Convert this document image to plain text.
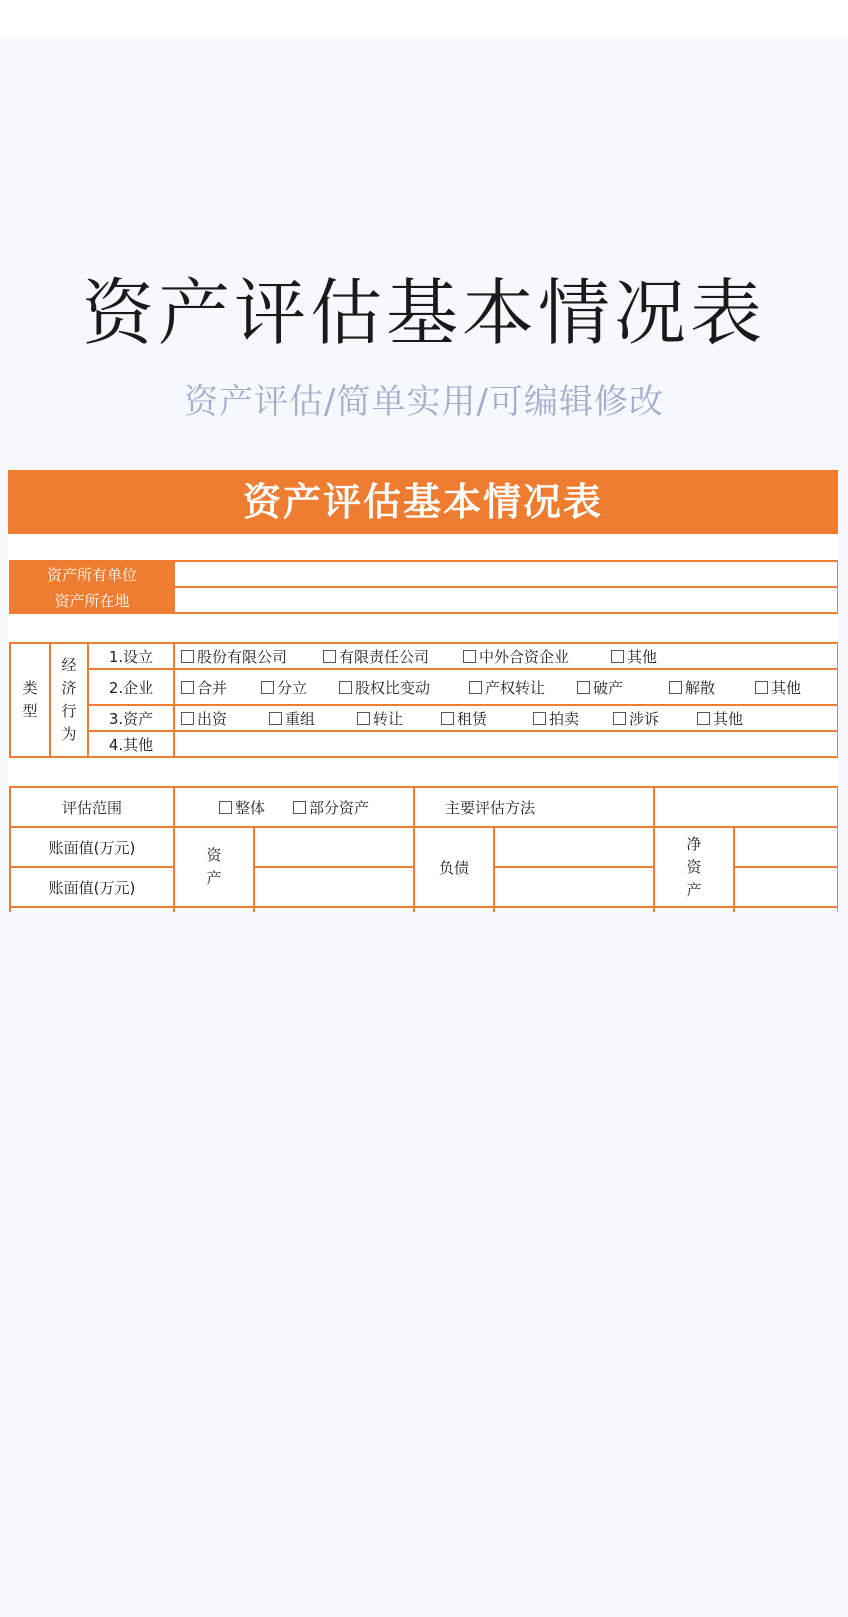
资产评估基本情况表
资产评估/简单实用/可编辑修改
资产评估基本情况表
资产所有单位	
资产所在地	
类型	经济行为	1.设立	股份有限公司 有限责任公司 中外合资企业 其他
		2.企业	合并 分立 股权比变动 产权转让 破产 解散 其他
		3.资产	出资 重组 转让 租赁 拍卖 涉诉 其他
		4.其他	
评估范围	整体 部分资产		主要评估方法			
账面值(万元)	资产		负债		净资产	
账面值(万元)						
